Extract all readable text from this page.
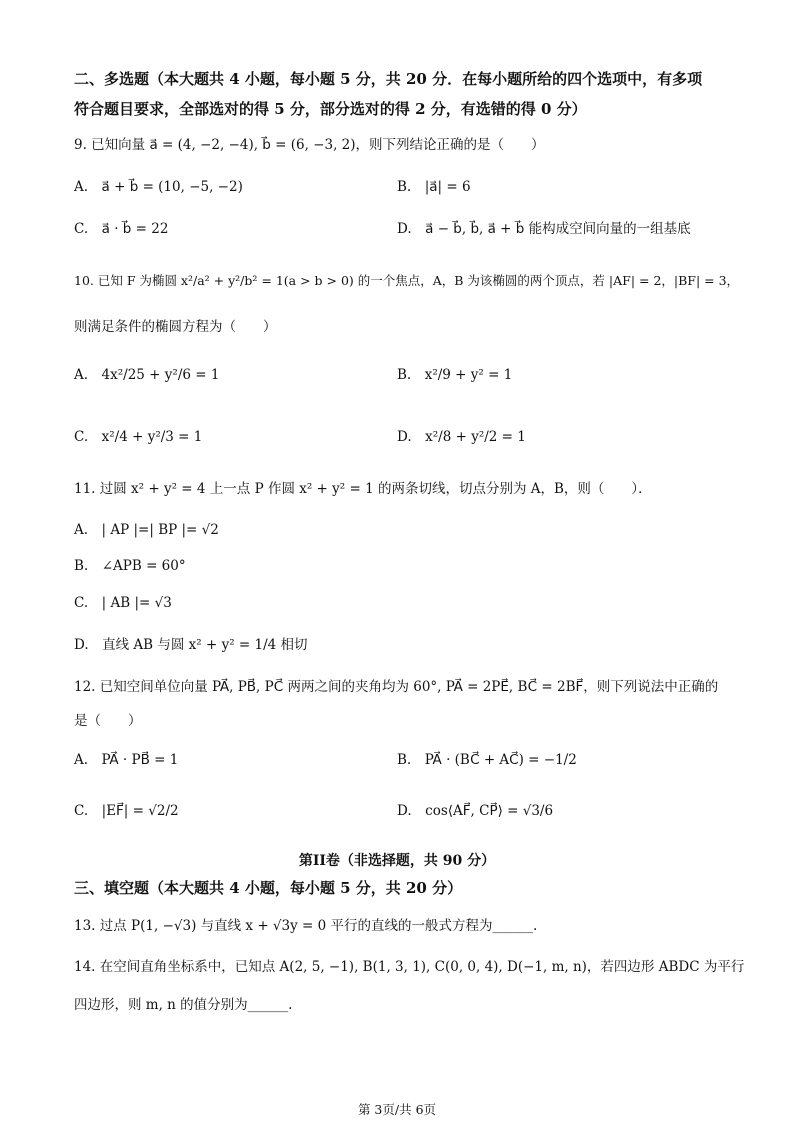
二、多选题（本大题共 4 小题，每小题 5 分，共 20 分．在每小题所给的四个选项中，有多项
符合题目要求，全部选对的得 5 分，部分选对的得 2 分，有选错的得 0 分）
9. 已知向量 a⃗ = (4, −2, −4), b⃗ = (6, −3, 2)，则下列结论正确的是（　　）
A.　a⃗ + b⃗ = (10, −5, −2)	B.　|a⃗| = 6
C.　a⃗ · b⃗ = 22	D.　a⃗ − b⃗, b⃗, a⃗ + b⃗ 能构成空间向量的一组基底
10. 已知 F 为椭圆 x²/a² + y²/b² = 1(a > b > 0) 的一个焦点，A，B 为该椭圆的两个顶点，若 |AF| = 2，|BF| = 3，
则满足条件的椭圆方程为（　　）
A.　4x²/25 + y²/6 = 1	B.　x²/9 + y² = 1
C.　x²/4 + y²/3 = 1	D.　x²/8 + y²/2 = 1
11. 过圆 x² + y² = 4 上一点 P 作圆 x² + y² = 1 的两条切线，切点分别为 A，B，则（　　）．
A.　| AP |=| BP |= √2
B.　∠APB = 60°
C.　| AB |= √3
D.　直线 AB 与圆 x² + y² = 1/4 相切
12. 已知空间单位向量 PA⃗, PB⃗, PC⃗ 两两之间的夹角均为 60°, PA⃗ = 2PE⃗, BC⃗ = 2BF⃗，则下列说法中正确的
是（　　）
A.　PA⃗ · PB⃗ = 1	B.　PA⃗ · (BC⃗ + AC⃗) = −1/2
C.　|EF⃗| = √2/2	D.　cos⟨AF⃗, CP⃗⟩ = √3/6
第II卷（非选择题，共 90 分）
三、填空题（本大题共 4 小题，每小题 5 分，共 20 分）
13. 过点 P(1, −√3) 与直线 x + √3y = 0 平行的直线的一般式方程为______.
14. 在空间直角坐标系中，已知点 A(2, 5, −1), B(1, 3, 1), C(0, 0, 4), D(−1, m, n)，若四边形 ABDC 为平行
四边形，则 m, n 的值分别为______.
第 3页/共 6页
